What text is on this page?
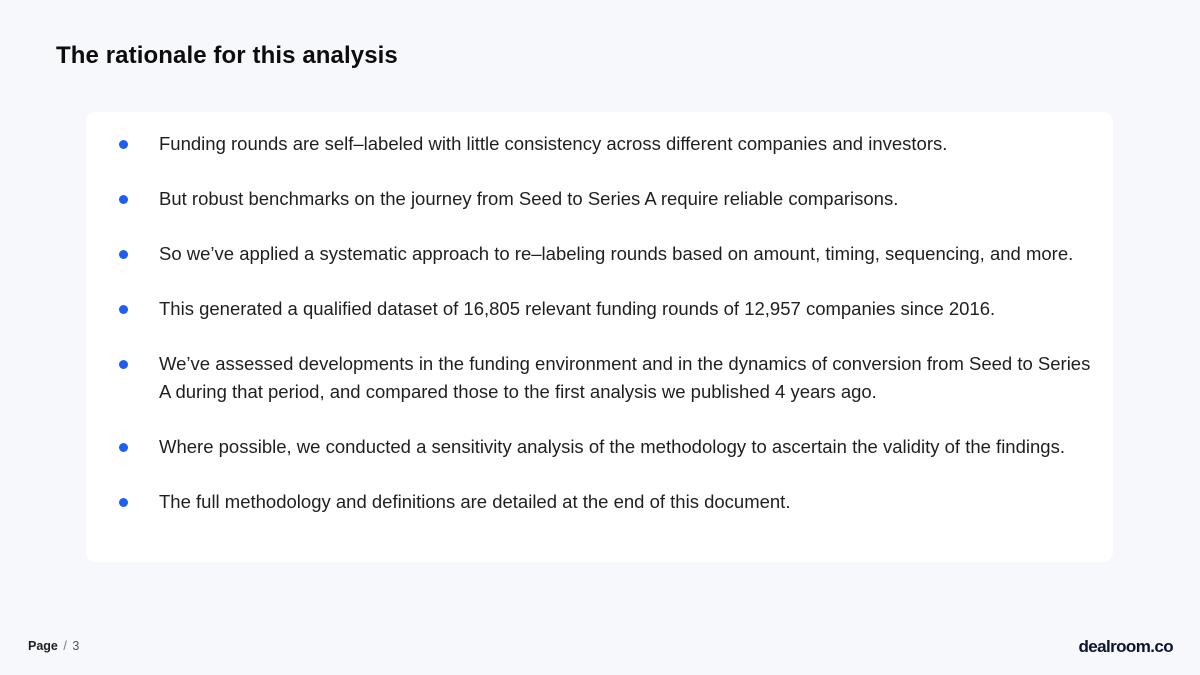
The rationale for this analysis
Funding rounds are self–labeled with little consistency across different companies and investors.
But robust benchmarks on the journey from Seed to Series A require reliable comparisons.
So we’ve applied a systematic approach to re–labeling rounds based on amount, timing, sequencing, and more.
This generated a qualified dataset of 16,805 relevant funding rounds of 12,957 companies since 2016.
We’ve assessed developments in the funding environment and in the dynamics of conversion from Seed to Series A during that period, and compared those to the first analysis we published 4 years ago.
Where possible, we conducted a sensitivity analysis of the methodology to ascertain the validity of the findings.
The full methodology and definitions are detailed at the end of this document.
Page / 3	dealroom.co
